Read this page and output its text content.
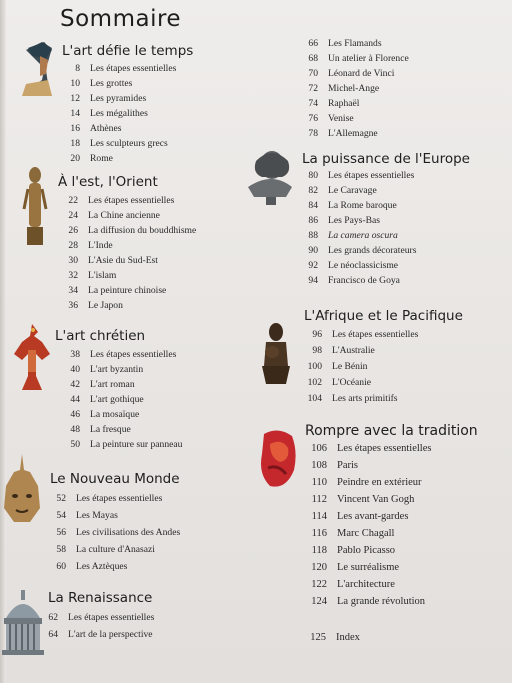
Sommaire
L'art défie le temps
8	Les étapes essentielles
10	Les grottes
12	Les pyramides
14	Les mégalithes
16	Athènes
18	Les sculpteurs grecs
20	Rome
À l'est, l'Orient
22	Les étapes essentielles
24	La Chine ancienne
26	La diffusion du bouddhisme
28	L'Inde
30	L'Asie du Sud-Est
32	L'islam
34	La peinture chinoise
36	Le Japon
L'art chrétien
38	Les étapes essentielles
40	L'art byzantin
42	L'art roman
44	L'art gothique
46	La mosaïque
48	La fresque
50	La peinture sur panneau
Le Nouveau Monde
52	Les étapes essentielles
54	Les Mayas
56	Les civilisations des Andes
58	La culture d'Anasazi
60	Les Aztèques
La Renaissance
62	Les étapes essentielles
64	L'art de la perspective
66	Les Flamands
68	Un atelier à Florence
70	Léonard de Vinci
72	Michel-Ange
74	Raphaël
76	Venise
78	L'Allemagne
La puissance de l'Europe
80	Les étapes essentielles
82	Le Caravage
84	La Rome baroque
86	Les Pays-Bas
88	La camera oscura
90	Les grands décorateurs
92	Le néoclassicisme
94	Francisco de Goya
L'Afrique et le Pacifique
96	Les étapes essentielles
98	L'Australie
100	Le Bénin
102	L'Océanie
104	Les arts primitifs
Rompre avec la tradition
106 Les étapes essentielles
108 Paris
110 Peindre en extérieur
112 Vincent Van Gogh
114 Les avant-gardes
116 Marc Chagall
118 Pablo Picasso
120 Le surréalisme
122 L'architecture
124 La grande révolution
125 Index
